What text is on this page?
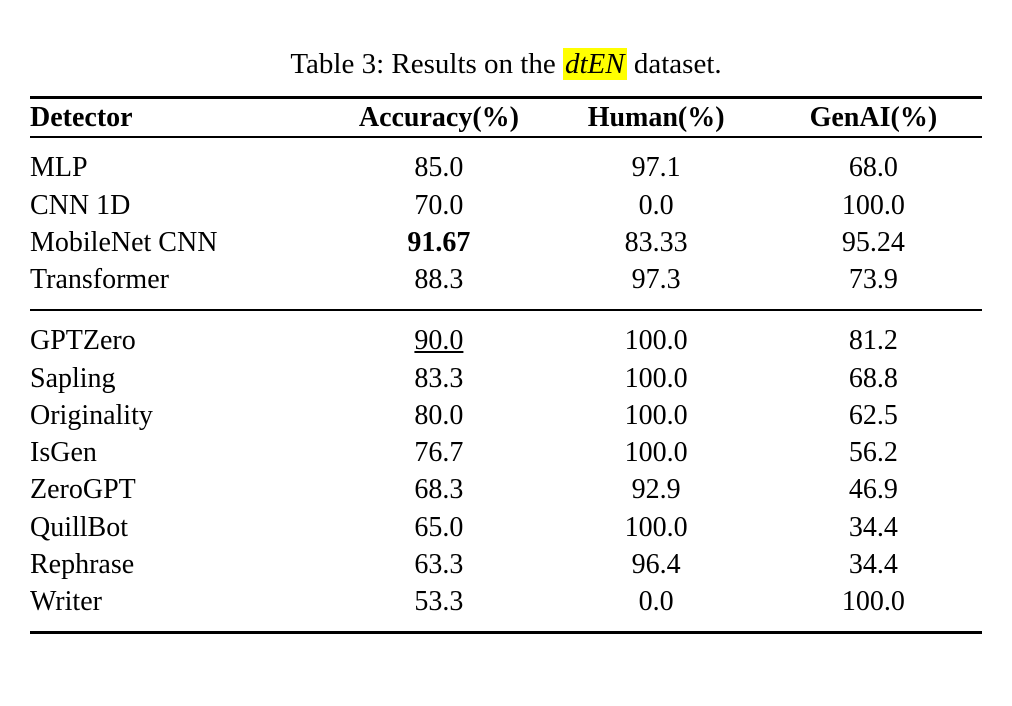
Table 3: Results on the dtEN dataset.
Detector	Accuracy(%)	Human(%)	GenAI(%)
MLP	85.0	97.1	68.0
CNN 1D	70.0	0.0	100.0
MobileNet CNN	91.67	83.33	95.24
Transformer	88.3	97.3	73.9
GPTZero	90.0	100.0	81.2
Sapling	83.3	100.0	68.8
Originality	80.0	100.0	62.5
IsGen	76.7	100.0	56.2
ZeroGPT	68.3	92.9	46.9
QuillBot	65.0	100.0	34.4
Rephrase	63.3	96.4	34.4
Writer	53.3	0.0	100.0
